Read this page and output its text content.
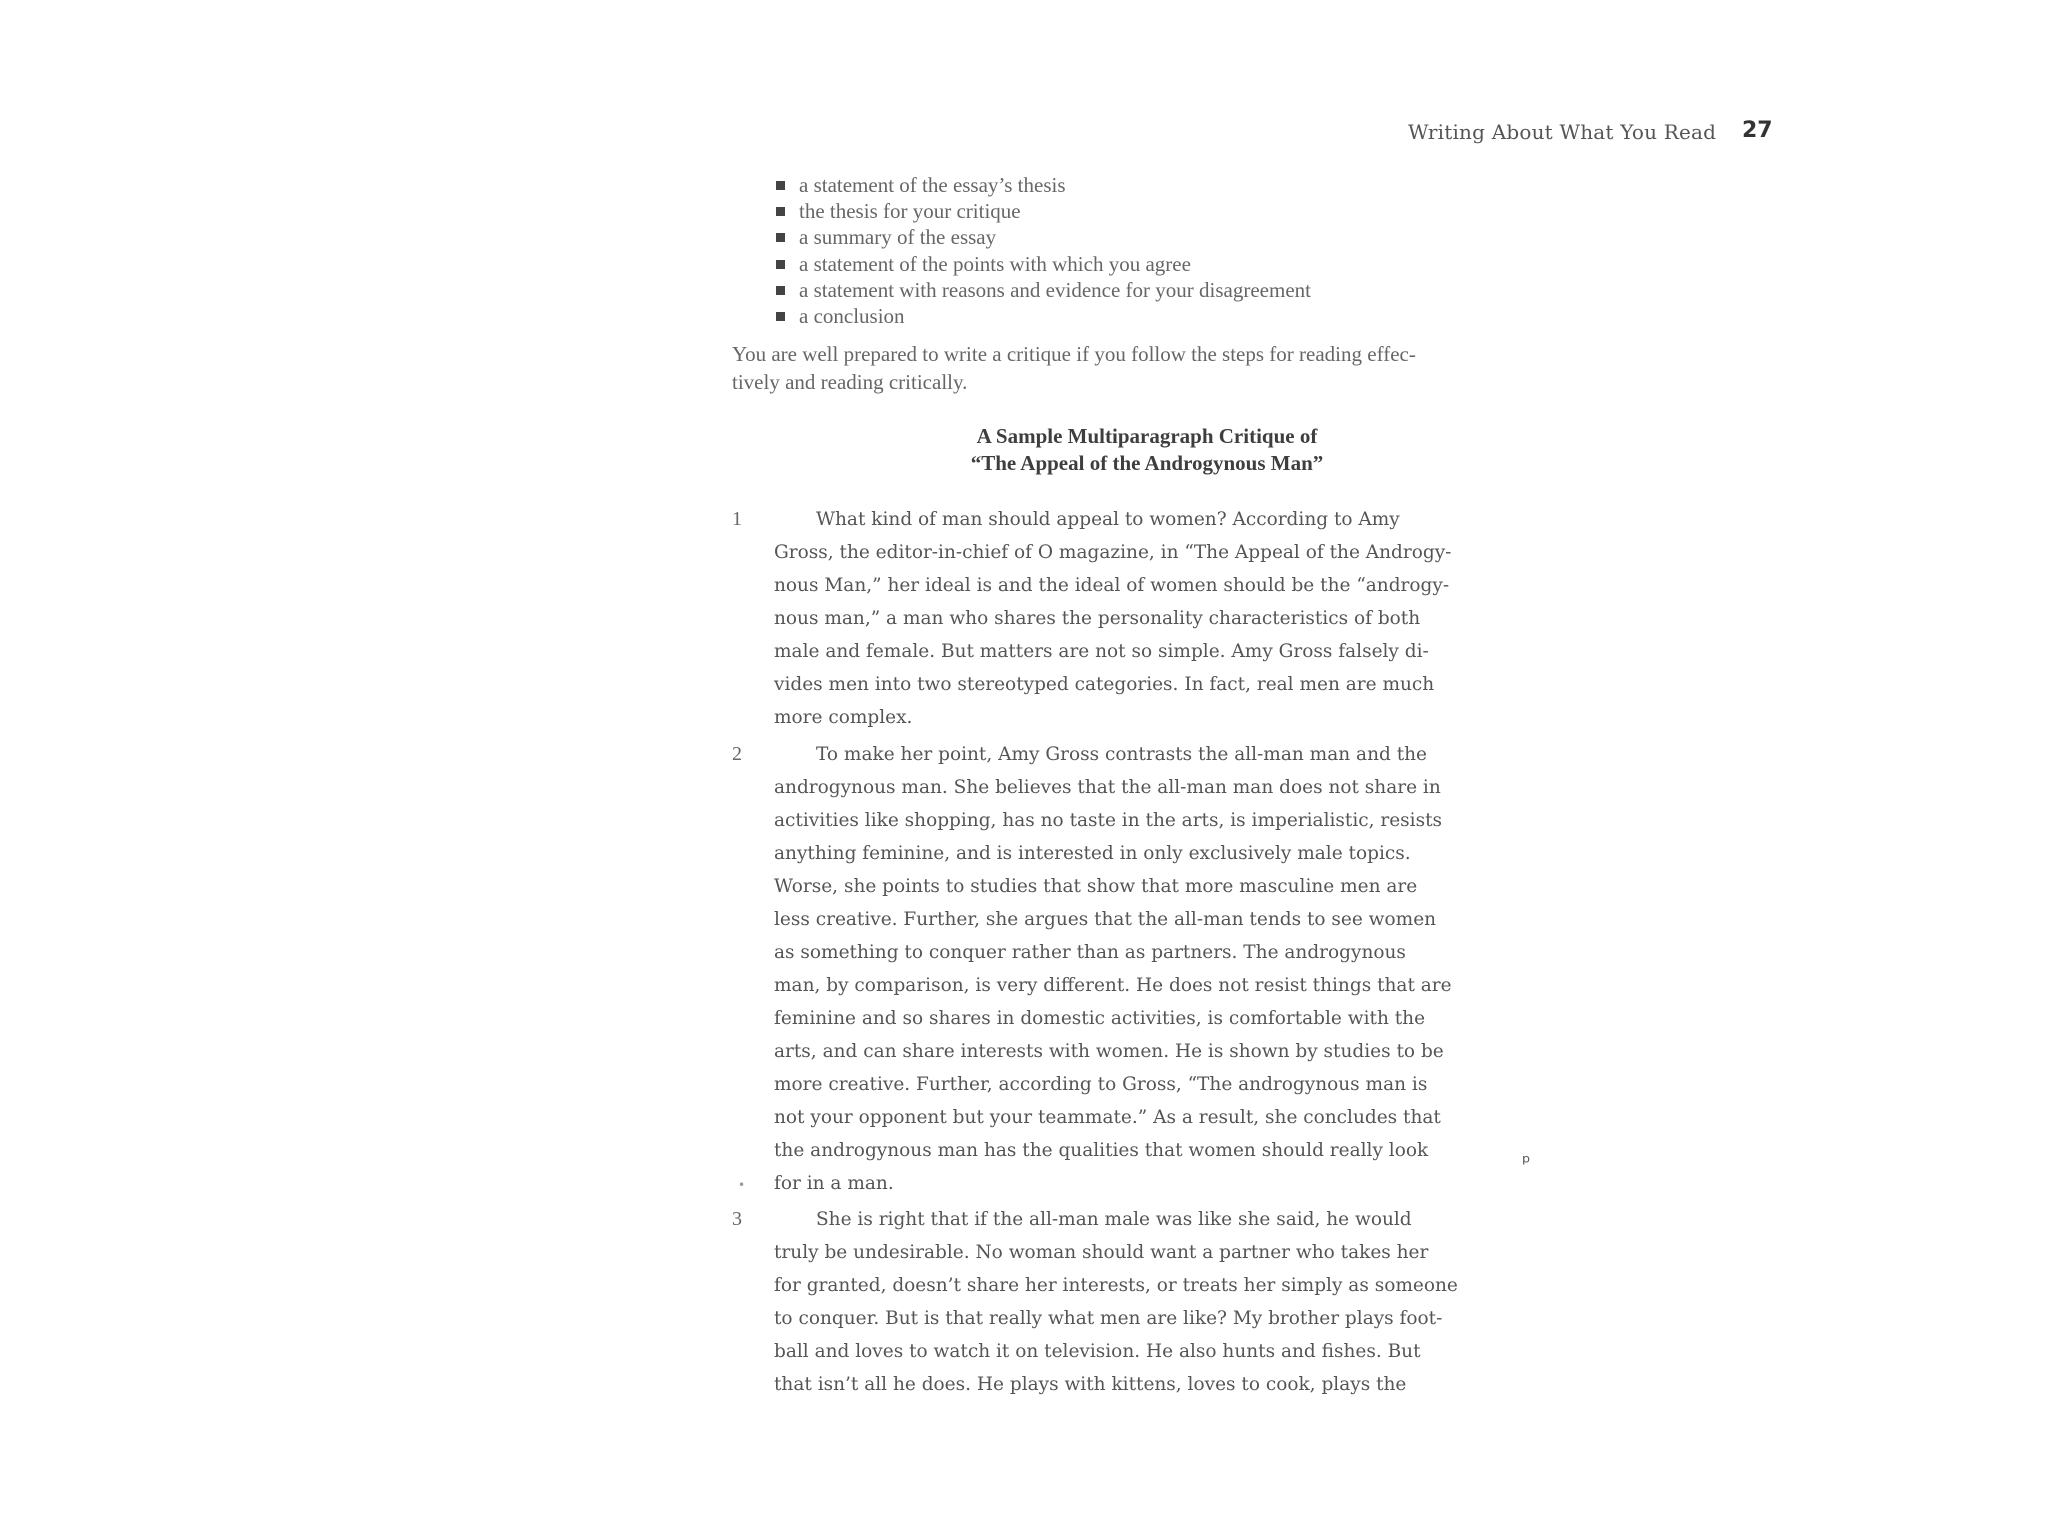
Writing About What You Read 27
a statement of the essay’s thesis
the thesis for your critique
a summary of the essay
a statement of the points with which you agree
a statement with reasons and evidence for your disagreement
a conclusion

You are well prepared to write a critique if you follow the steps for reading effec-
tively and reading critically.

A Sample Multiparagraph Critique of
“The Appeal of the Androgynous Man”
1	What kind of man should appeal to women? According to Amy
Gross, the editor-in-chief of O magazine, in “The Appeal of the Androgy-
nous Man,” her ideal is and the ideal of women should be the “androgy-
nous man,” a man who shares the personality characteristics of both
male and female. But matters are not so simple. Amy Gross falsely di-
vides men into two stereotyped categories. In fact, real men are much
more complex.
2	To make her point, Amy Gross contrasts the all-man man and the
androgynous man. She believes that the all-man man does not share in
activities like shopping, has no taste in the arts, is imperialistic, resists
anything feminine, and is interested in only exclusively male topics.
Worse, she points to studies that show that more masculine men are
less creative. Further, she argues that the all-man tends to see women
as something to conquer rather than as partners. The androgynous
man, by comparison, is very different. He does not resist things that are
feminine and so shares in domestic activities, is comfortable with the
arts, and can share interests with women. He is shown by studies to be
more creative. Further, according to Gross, “The androgynous man is
not your opponent but your teammate.” As a result, she concludes that
the androgynous man has the qualities that women should really look
for in a man.
3	She is right that if the all-man male was like she said, he would
truly be undesirable. No woman should want a partner who takes her
for granted, doesn’t share her interests, or treats her simply as someone
to conquer. But is that really what men are like? My brother plays foot-
ball and loves to watch it on television. He also hunts and fishes. But
that isn’t all he does. He plays with kittens, loves to cook, plays the
•
ᵖ
